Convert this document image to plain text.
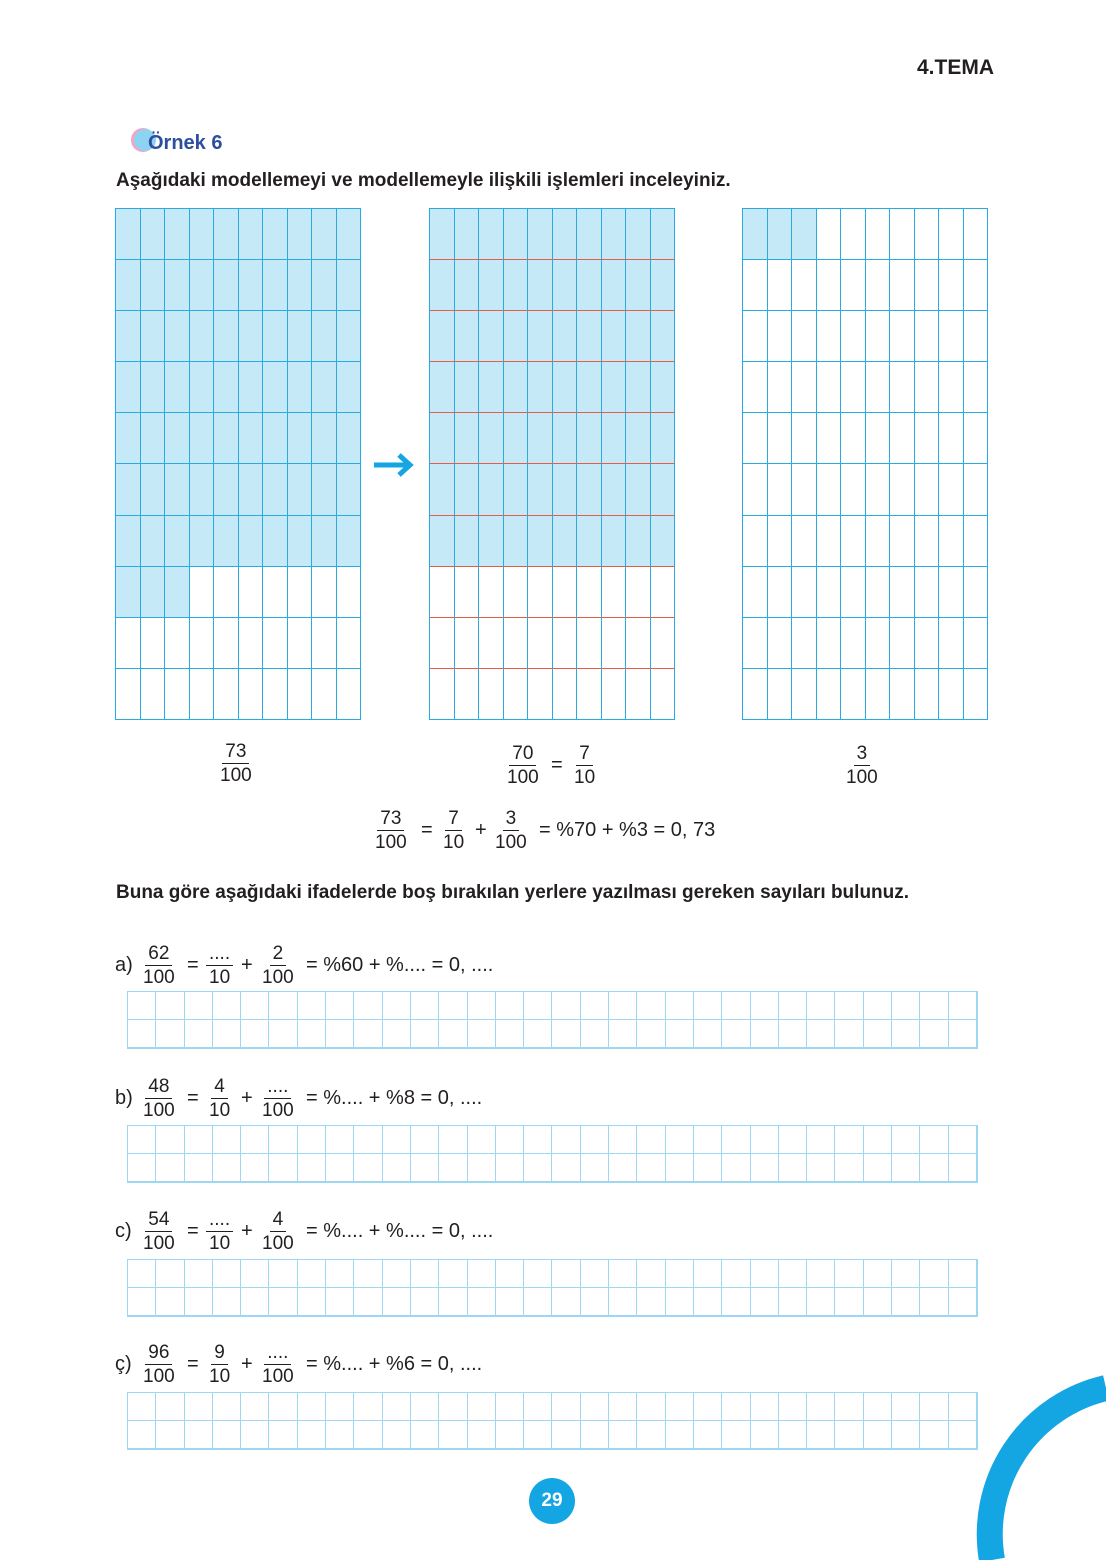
4.TEMA
Örnek 6
Aşağıdaki modellemeyi ve modellemeyle ilişkili işlemleri inceleyiniz.
$\frac{73}{100}$	$\frac{70}{100} = \frac{7}{10}$	$\frac{3}{100}$
$\frac{73}{100} = \frac{7}{10} + \frac{3}{100} = \%70 + \%3 = 0$, 73
Buna göre aşağıdaki ifadelerde boş bırakılan yerlere yazılması gereken sayıları bulunuz.
$a) \frac{62}{100}$ =
....
10
+ $\frac{2}{100} = \%60$ + %.... = 0, ....
$b) \frac{48}{100} = \frac{4}{10}$ +
....
100
= %.... + %8 = 0, ....
$c) \frac{54}{100}$ =
....
10
+ $\frac{4}{100}$ = %.... + %.... = 0, ....
ç) $\frac{96}{100} = \frac{9}{10}$ +
....
100
= %.... + %6 = 0, ....
29
